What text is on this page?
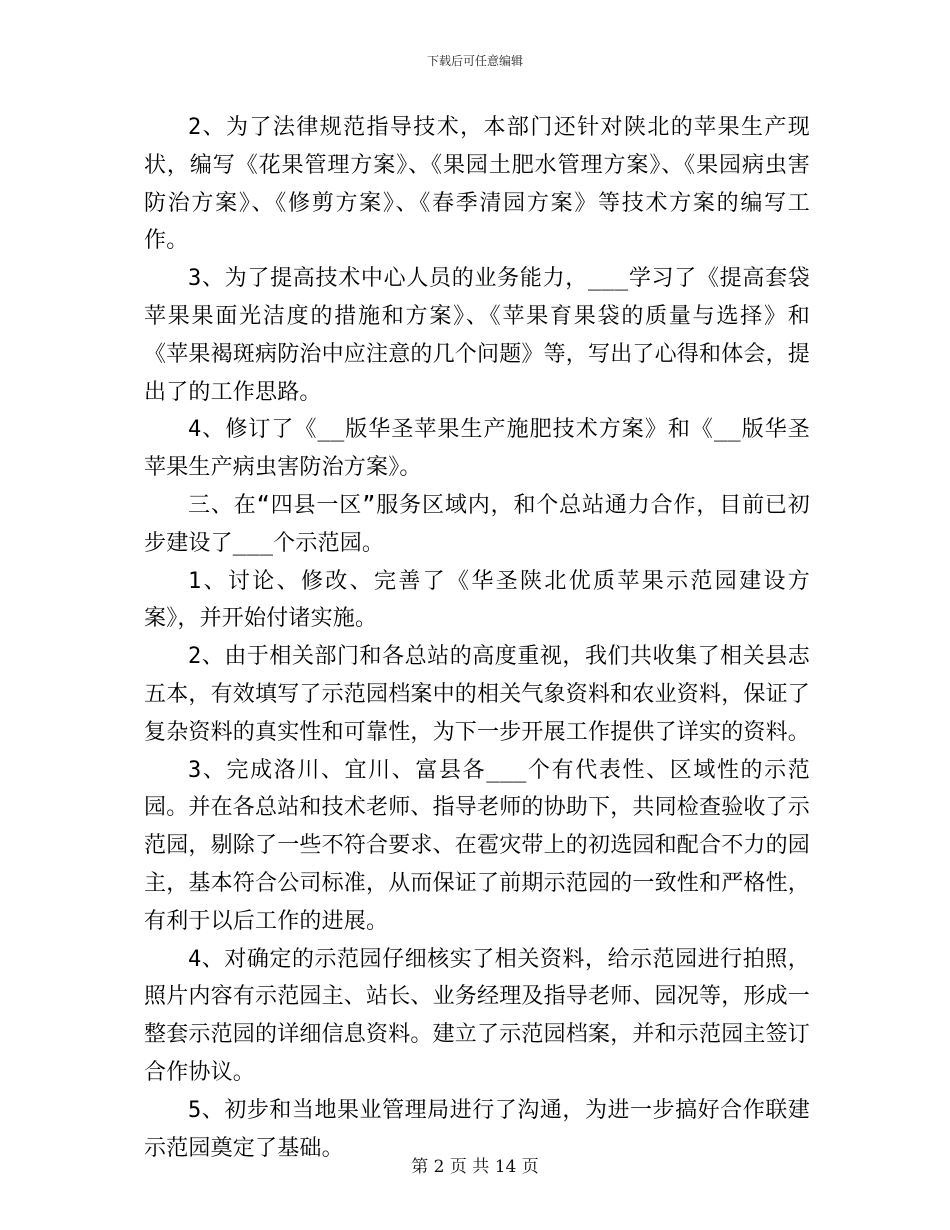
下载后可任意编辑

2、为了法律规范指导技术，本部门还针对陕北的苹果生产现状，编写《花果管理方案》、《果园土肥水管理方案》、《果园病虫害防治方案》、《修剪方案》、《春季清园方案》等技术方案的编写工作。

3、为了提高技术中心人员的业务能力，___学习了《提高套袋苹果果面光洁度的措施和方案》、《苹果育果袋的质量与选择》和《苹果褐斑病防治中应注意的几个问题》等，写出了心得和体会，提出了的工作思路。

4、修订了《__版华圣苹果生产施肥技术方案》和《__版华圣苹果生产病虫害防治方案》。

三、在“四县一区”服务区域内，和个总站通力合作，目前已初步建设了___个示范园。

1、讨论、修改、完善了《华圣陕北优质苹果示范园建设方案》，并开始付诸实施。

2、由于相关部门和各总站的高度重视，我们共收集了相关县志五本，有效填写了示范园档案中的相关气象资料和农业资料，保证了复杂资料的真实性和可靠性，为下一步开展工作提供了详实的资料。

3、完成洛川、宜川、富县各___个有代表性、区域性的示范园。并在各总站和技术老师、指导老师的协助下，共同检查验收了示范园，剔除了一些不符合要求、在雹灾带上的初选园和配合不力的园主，基本符合公司标准，从而保证了前期示范园的一致性和严格性，有利于以后工作的进展。

4、对确定的示范园仔细核实了相关资料，给示范园进行拍照，照片内容有示范园主、站长、业务经理及指导老师、园况等，形成一整套示范园的详细信息资料。建立了示范园档案，并和示范园主签订合作协议。

5、初步和当地果业管理局进行了沟通，为进一步搞好合作联建示范园奠定了基础。

第 2 页 共 14 页
